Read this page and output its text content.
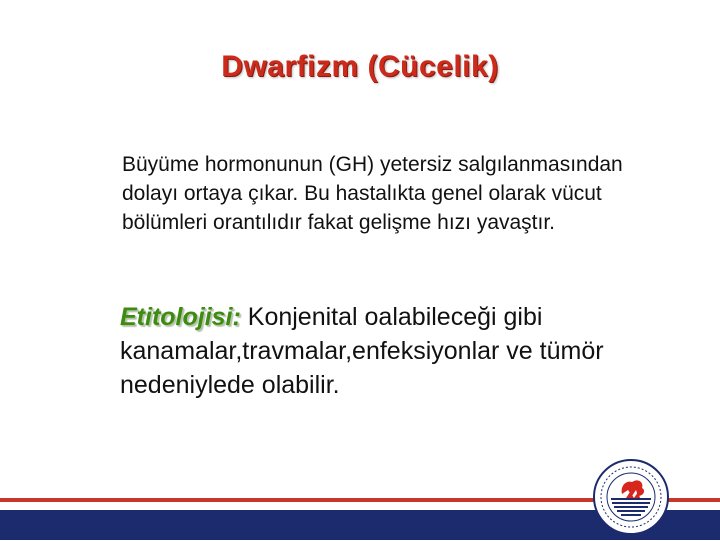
Dwarfizm (Cücelik)
Büyüme hormonunun (GH) yetersiz salgılanmasından dolayı ortaya çıkar. Bu hastalıkta genel olarak vücut bölümleri orantılıdır fakat gelişme hızı yavaştır.
Etitolojisi: Konjenital oalabileceği gibi kanamalar,travmalar,enfeksiyonlar ve tümör nedeniylede olabilir.
